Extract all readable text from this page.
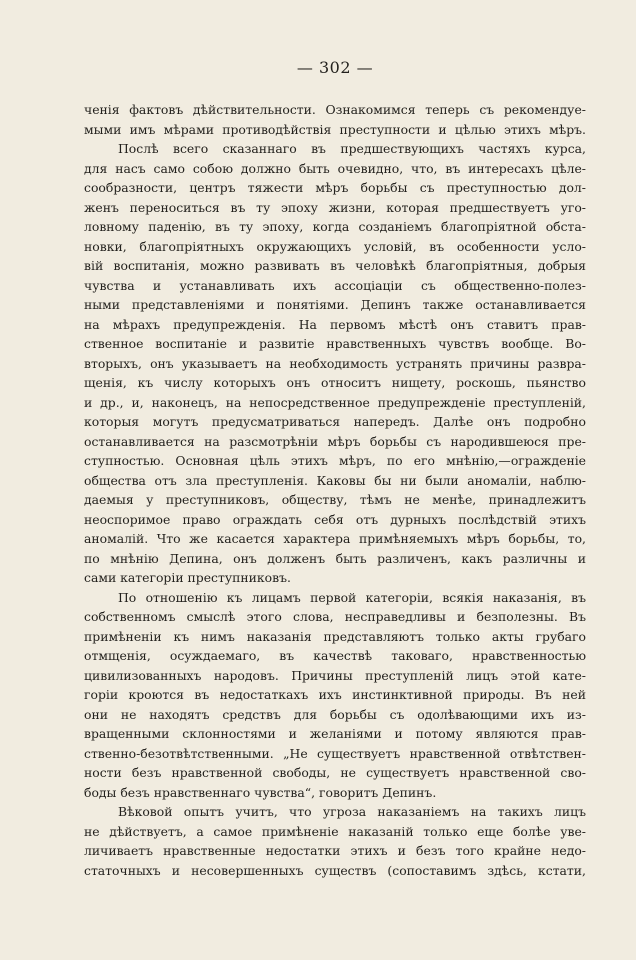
— 302 —
ченія фактовъ дѣйствительности. Ознакомимся теперь съ рекомендуе-
мыми имъ мѣрами противодѣйствія преступности и цѣлью этихъ мѣръ.
Послѣ всего сказаннаго въ предшествующихъ частяхъ курса,
для насъ само собою должно быть очевидно, что, въ интересахъ цѣле-
сообразности, центръ тяжести мѣръ борьбы съ преступностью дол-
женъ переноситься въ ту эпоху жизни, которая предшествуетъ уго-
ловному паденію, въ ту эпоху, когда созданіемъ благопріятной обста-
новки, благопріятныхъ окружающихъ условій, въ особенности усло-
вій воспитанія, можно развивать въ человѣкѣ благопріятныя, добрыя
чувства и устанавливать ихъ ассоціаціи съ общественно-полез-
ными представленіями и понятіями. Депинъ также останавливается
на мѣрахъ предупрежденія. На первомъ мѣстѣ онъ ставитъ прав-
ственное воспитаніе и развитіе нравственныхъ чувствъ вообще. Во-
вторыхъ, онъ указываетъ на необходимость устранять причины развра-
щенія, къ числу которыхъ онъ относитъ нищету, роскошь, пьянство
и др., и, наконецъ, на непосредственное предупрежденіе преступленій,
которыя могутъ предусматриваться напередъ. Далѣе онъ подробно
останавливается на разсмотрѣніи мѣръ борьбы съ народившеюся пре-
ступностью. Основная цѣль этихъ мѣръ, по его мнѣнію,—огражденіе
общества отъ зла преступленія. Каковы бы ни были аномаліи, наблю-
даемыя у преступниковъ, обществу, тѣмъ не менѣе, принадлежитъ
неоспоримое право ограждать себя отъ дурныхъ послѣдствій этихъ
аномалій. Что же касается характера примѣняемыхъ мѣръ борьбы, то,
по мнѣнію Депина, онъ долженъ быть различенъ, какъ различны и
сами категоріи преступниковъ.
По отношенію къ лицамъ первой категоріи, всякія наказанія, въ
собственномъ смыслѣ этого слова, несправедливы и безполезны. Въ
примѣненіи къ нимъ наказанія представляютъ только акты грубаго
отмщенія, осуждаемаго, въ качествѣ таковаго, нравственностью
цивилизованныхъ народовъ. Причины преступленій лицъ этой кате-
горіи кроются въ недостаткахъ ихъ инстинктивной природы. Въ ней
они не находятъ средствъ для борьбы съ одолѣвающими ихъ из-
вращенными склонностями и желаніями и потому являются прав-
ственно-безотвѣтственными. „Не существуетъ нравственной отвѣтствен-
ности безъ нравственной свободы, не существуетъ нравственной сво-
боды безъ нравственнаго чувства“, говоритъ Депинъ.
Вѣковой опытъ учитъ, что угроза наказаніемъ на такихъ лицъ
не дѣйствуетъ, а самое примѣненіе наказаній только еще болѣе уве-
личиваетъ нравственные недостатки этихъ и безъ того крайне недо-
статочныхъ и несовершенныхъ существъ (сопоставимъ здѣсь, кстати,
